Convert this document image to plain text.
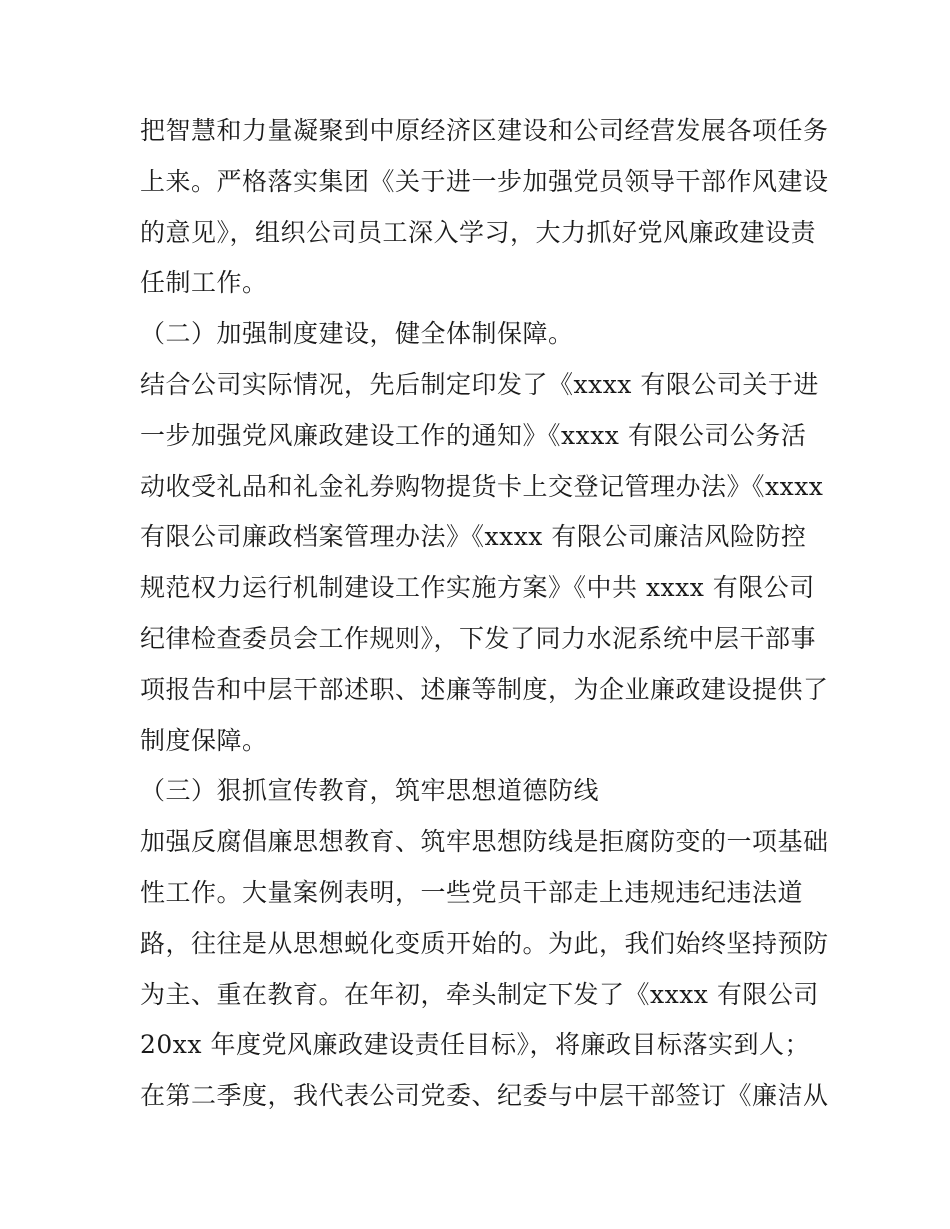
把智慧和力量凝聚到中原经济区建设和公司经营发展各项任务
上来。严格落实集团《关于进一步加强党员领导干部作风建设
的意见》，组织公司员工深入学习，大力抓好党风廉政建设责
任制工作。
（二）加强制度建设，健全体制保障。
结合公司实际情况，先后制定印发了《xxxx 有限公司关于进
一步加强党风廉政建设工作的通知》《xxxx 有限公司公务活
动收受礼品和礼金礼券购物提货卡上交登记管理办法》《xxxx
有限公司廉政档案管理办法》《xxxx 有限公司廉洁风险防控
规范权力运行机制建设工作实施方案》《中共 xxxx 有限公司
纪律检查委员会工作规则》，下发了同力水泥系统中层干部事
项报告和中层干部述职、述廉等制度，为企业廉政建设提供了
制度保障。
（三）狠抓宣传教育，筑牢思想道德防线
加强反腐倡廉思想教育、筑牢思想防线是拒腐防变的一项基础
性工作。大量案例表明，一些党员干部走上违规违纪违法道
路，往往是从思想蜕化变质开始的。为此，我们始终坚持预防
为主、重在教育。在年初，牵头制定下发了《xxxx 有限公司
20xx 年度党风廉政建设责任目标》，将廉政目标落实到人；
在第二季度，我代表公司党委、纪委与中层干部签订《廉洁从
